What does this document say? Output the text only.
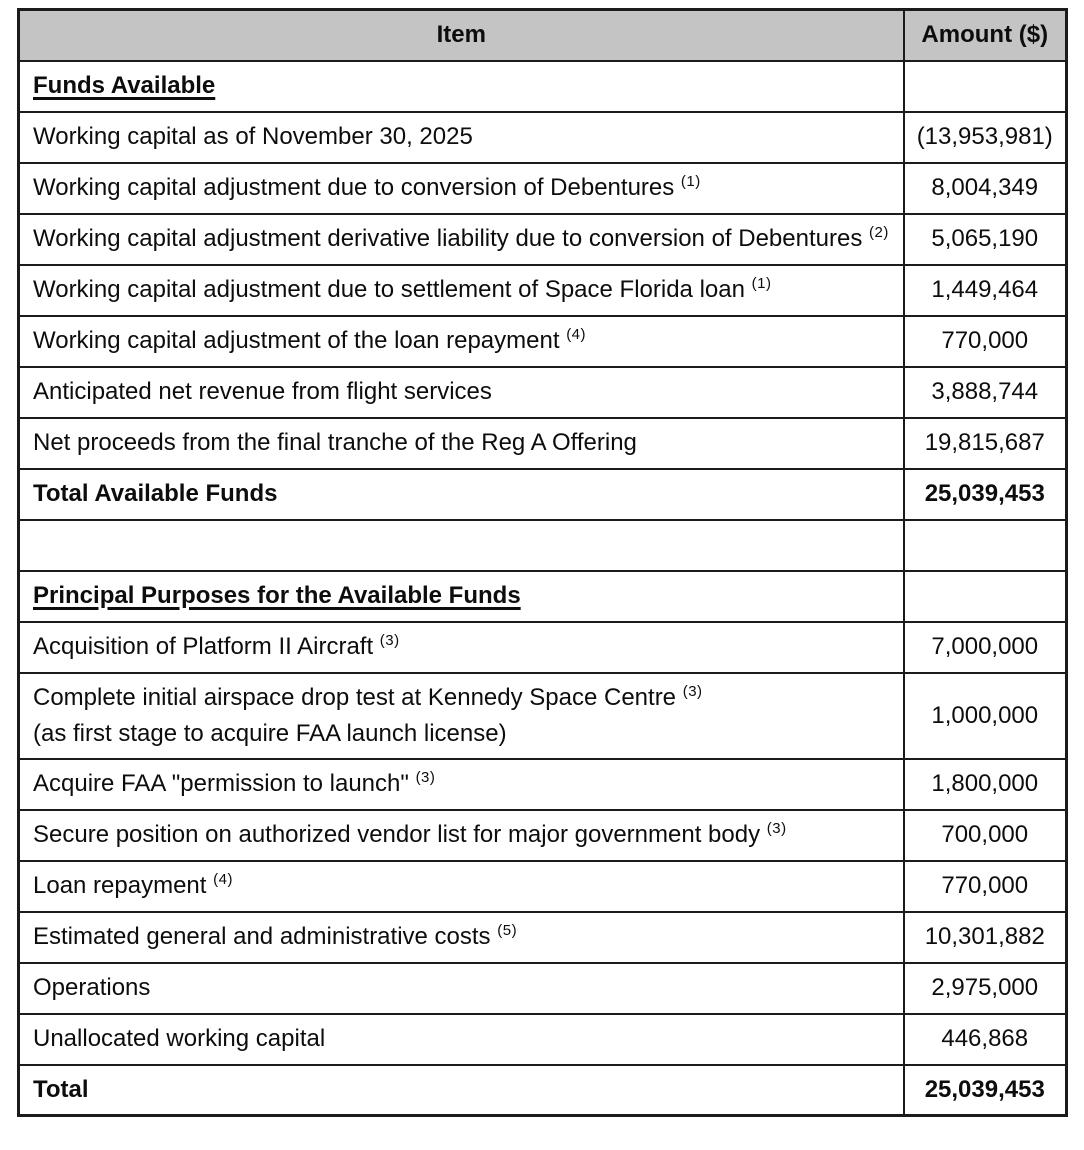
Item	Amount ($)
Funds Available	
Working capital as of November 30, 2025	(13,953,981)
Working capital adjustment due to conversion of Debentures $^{(1)}$	8,004,349
Working capital adjustment derivative liability due to conversion of Debentures $^{(2)}$	5,065,190
Working capital adjustment due to settlement of Space Florida loan $^{(1)}$	1,449,464
Working capital adjustment of the loan repayment $^{(4)}$	770,000
Anticipated net revenue from flight services	3,888,744
Net proceeds from the final tranche of the Reg A Offering	19,815,687
Total Available Funds	25,039,453

Principal Purposes for the Available Funds	
Acquisition of Platform II Aircraft $^{(3)}$	7,000,000
Complete initial airspace drop test at Kennedy Space Centre $^{(3)}$
(as first stage to acquire FAA launch license)	1,000,000
Acquire FAA "permission to launch" $^{(3)}$	1,800,000
Secure position on authorized vendor list for major government body $^{(3)}$	700,000
Loan repayment $^{(4)}$	770,000
Estimated general and administrative costs $^{(5)}$	10,301,882
Operations	2,975,000
Unallocated working capital	446,868
Total	25,039,453
